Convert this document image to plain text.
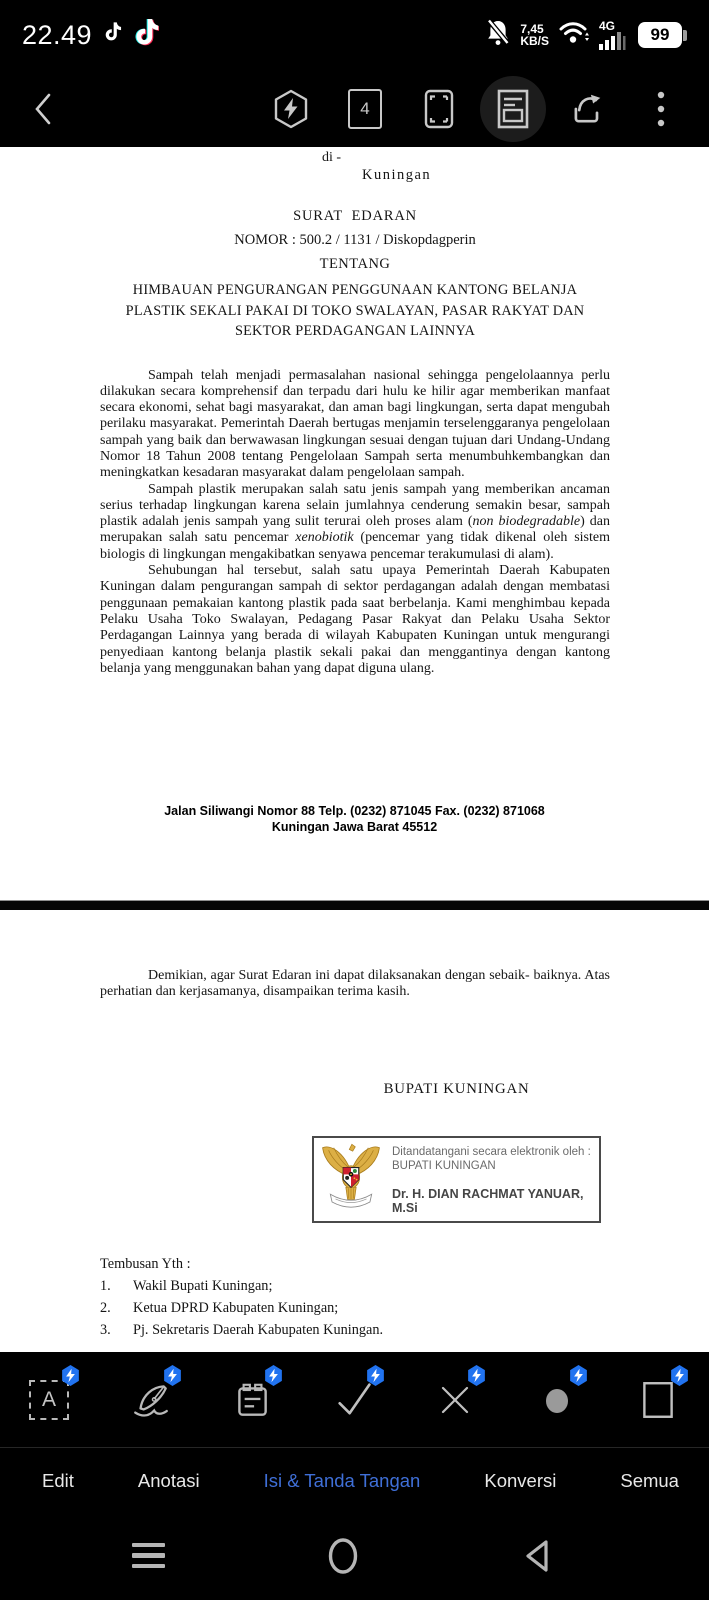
22.49	7,45
KB/S
4G 99
4
di -
Kuningan
SURAT  EDARAN
NOMOR : 500.2 / 1131 / Diskopdagperin
TENTANG
HIMBAUAN PENGURANGAN PENGGUNAAN KANTONG BELANJA PLASTIK SEKALI PAKAI DI TOKO SWALAYAN, PASAR RAKYAT DAN SEKTOR PERDAGANGAN LAINNYA

Sampah telah menjadi permasalahan nasional sehingga pengelolaannya perlu dilakukan secara komprehensif dan terpadu dari hulu ke hilir agar memberikan manfaat secara ekonomi, sehat bagi masyarakat, dan aman bagi lingkungan, serta dapat mengubah perilaku masyarakat. Pemerintah Daerah bertugas menjamin terselenggaranya pengelolaan sampah yang baik dan berwawasan lingkungan sesuai dengan tujuan dari Undang-Undang Nomor 18 Tahun 2008 tentang Pengelolaan Sampah serta menumbuhkembangkan dan meningkatkan kesadaran masyarakat dalam pengelolaan sampah.

Sampah plastik merupakan salah satu jenis sampah yang memberikan ancaman serius terhadap lingkungan karena selain jumlahnya cenderung semakin besar, sampah plastik adalah jenis sampah yang sulit terurai oleh proses alam (non biodegradable) dan merupakan salah satu pencemar xenobiotik (pencemar yang tidak dikenal oleh sistem biologis di lingkungan mengakibatkan senyawa pencemar terakumulasi di alam).

Sehubungan hal tersebut, salah satu upaya Pemerintah Daerah Kabupaten Kuningan dalam pengurangan sampah di sektor perdagangan adalah dengan membatasi penggunaan pemakaian kantong plastik pada saat berbelanja. Kami menghimbau kepada Pelaku Usaha Toko Swalayan, Pedagang Pasar Rakyat dan Pelaku Usaha Sektor Perdagangan Lainnya yang berada di wilayah Kabupaten Kuningan untuk mengurangi penyediaan kantong belanja plastik sekali pakai dan menggantinya dengan kantong belanja yang menggunakan bahan yang dapat diguna ulang.

Jalan Siliwangi Nomor 88 Telp. (0232) 871045 Fax. (0232) 871068
Kuningan Jawa Barat 45512

Demikian, agar Surat Edaran ini dapat dilaksanakan dengan sebaik- baiknya. Atas perhatian dan kerjasamanya, disampaikan terima kasih.

BUPATI KUNINGAN
Ditandatangani secara elektronik oleh :
BUPATI KUNINGAN
Dr. H. DIAN RACHMAT YANUAR, M.Si
Tembusan Yth :
1.	Wakil Bupati Kuningan;
2.	Ketua DPRD Kabupaten Kuningan;
3.	Pj. Sekretaris Daerah Kabupaten Kuningan.
A
Edit	Anotasi	Isi & Tanda Tangan	Konversi	Semua
